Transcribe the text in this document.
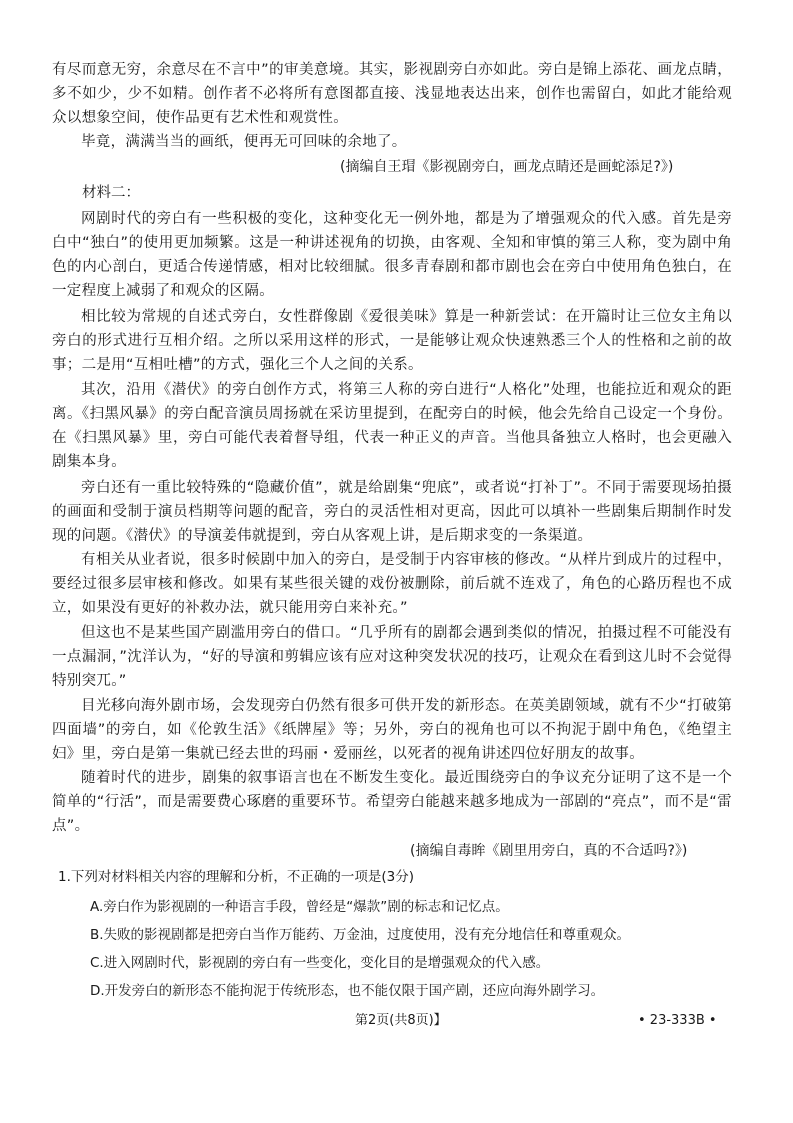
有尽而意无穷，余意尽在不言中”的审美意境。其实，影视剧旁白亦如此。旁白是锦上添花、画龙点睛，多不如少，少不如精。创作者不必将所有意图都直接、浅显地表达出来，创作也需留白，如此才能给观众以想象空间，使作品更有艺术性和观赏性。

毕竟，满满当当的画纸，便再无可回味的余地了。

(摘编自王瑁《影视剧旁白，画龙点睛还是画蛇添足?》)

材料二：

网剧时代的旁白有一些积极的变化，这种变化无一例外地，都是为了增强观众的代入感。首先是旁白中“独白”的使用更加频繁。这是一种讲述视角的切换，由客观、全知和审慎的第三人称，变为剧中角色的内心剖白，更适合传递情感，相对比较细腻。很多青春剧和都市剧也会在旁白中使用角色独白，在一定程度上减弱了和观众的区隔。

相比较为常规的自述式旁白，女性群像剧《爱很美味》算是一种新尝试：在开篇时让三位女主角以旁白的形式进行互相介绍。之所以采用这样的形式，一是能够让观众快速熟悉三个人的性格和之前的故事；二是用“互相吐槽”的方式，强化三个人之间的关系。

其次，沿用《潜伏》的旁白创作方式，将第三人称的旁白进行“人格化”处理，也能拉近和观众的距离。《扫黑风暴》的旁白配音演员周扬就在采访里提到，在配旁白的时候，他会先给自己设定一个身份。在《扫黑风暴》里，旁白可能代表着督导组，代表一种正义的声音。当他具备独立人格时，也会更融入剧集本身。

旁白还有一重比较特殊的“隐藏价值”，就是给剧集“兜底”，或者说“打补丁”。不同于需要现场拍摄的画面和受制于演员档期等问题的配音，旁白的灵活性相对更高，因此可以填补一些剧集后期制作时发现的问题。《潜伏》的导演姜伟就提到，旁白从客观上讲，是后期求变的一条渠道。

有相关从业者说，很多时候剧中加入的旁白，是受制于内容审核的修改。“从样片到成片的过程中，要经过很多层审核和修改。如果有某些很关键的戏份被删除，前后就不连戏了，角色的心路历程也不成立，如果没有更好的补救办法，就只能用旁白来补充。”

但这也不是某些国产剧滥用旁白的借口。“几乎所有的剧都会遇到类似的情况，拍摄过程不可能没有一点漏洞，”沈洋认为，“好的导演和剪辑应该有应对这种突发状况的技巧，让观众在看到这儿时不会觉得特别突兀。”

目光移向海外剧市场，会发现旁白仍然有很多可供开发的新形态。在英美剧领域，就有不少“打破第四面墙”的旁白，如《伦敦生活》《纸牌屋》等；另外，旁白的视角也可以不拘泥于剧中角色，《绝望主妇》里，旁白是第一集就已经去世的玛丽・爱丽丝，以死者的视角讲述四位好朋友的故事。

随着时代的进步，剧集的叙事语言也在不断发生变化。最近围绕旁白的争议充分证明了这不是一个简单的“行活”，而是需要费心琢磨的重要环节。希望旁白能越来越多地成为一部剧的“亮点”，而不是“雷点”。

(摘编自毒眸《剧里用旁白，真的不合适吗?》)

1.下列对材料相关内容的理解和分析，不正确的一项是(3分)

A.旁白作为影视剧的一种语言手段，曾经是“爆款”剧的标志和记忆点。

B.失败的影视剧都是把旁白当作万能药、万金油，过度使用，没有充分地信任和尊重观众。

C.进入网剧时代，影视剧的旁白有一些变化，变化目的是增强观众的代入感。

D.开发旁白的新形态不能拘泥于传统形态，也不能仅限于国产剧，还应向海外剧学习。

第2页(共8页)】	• 23-333B •
